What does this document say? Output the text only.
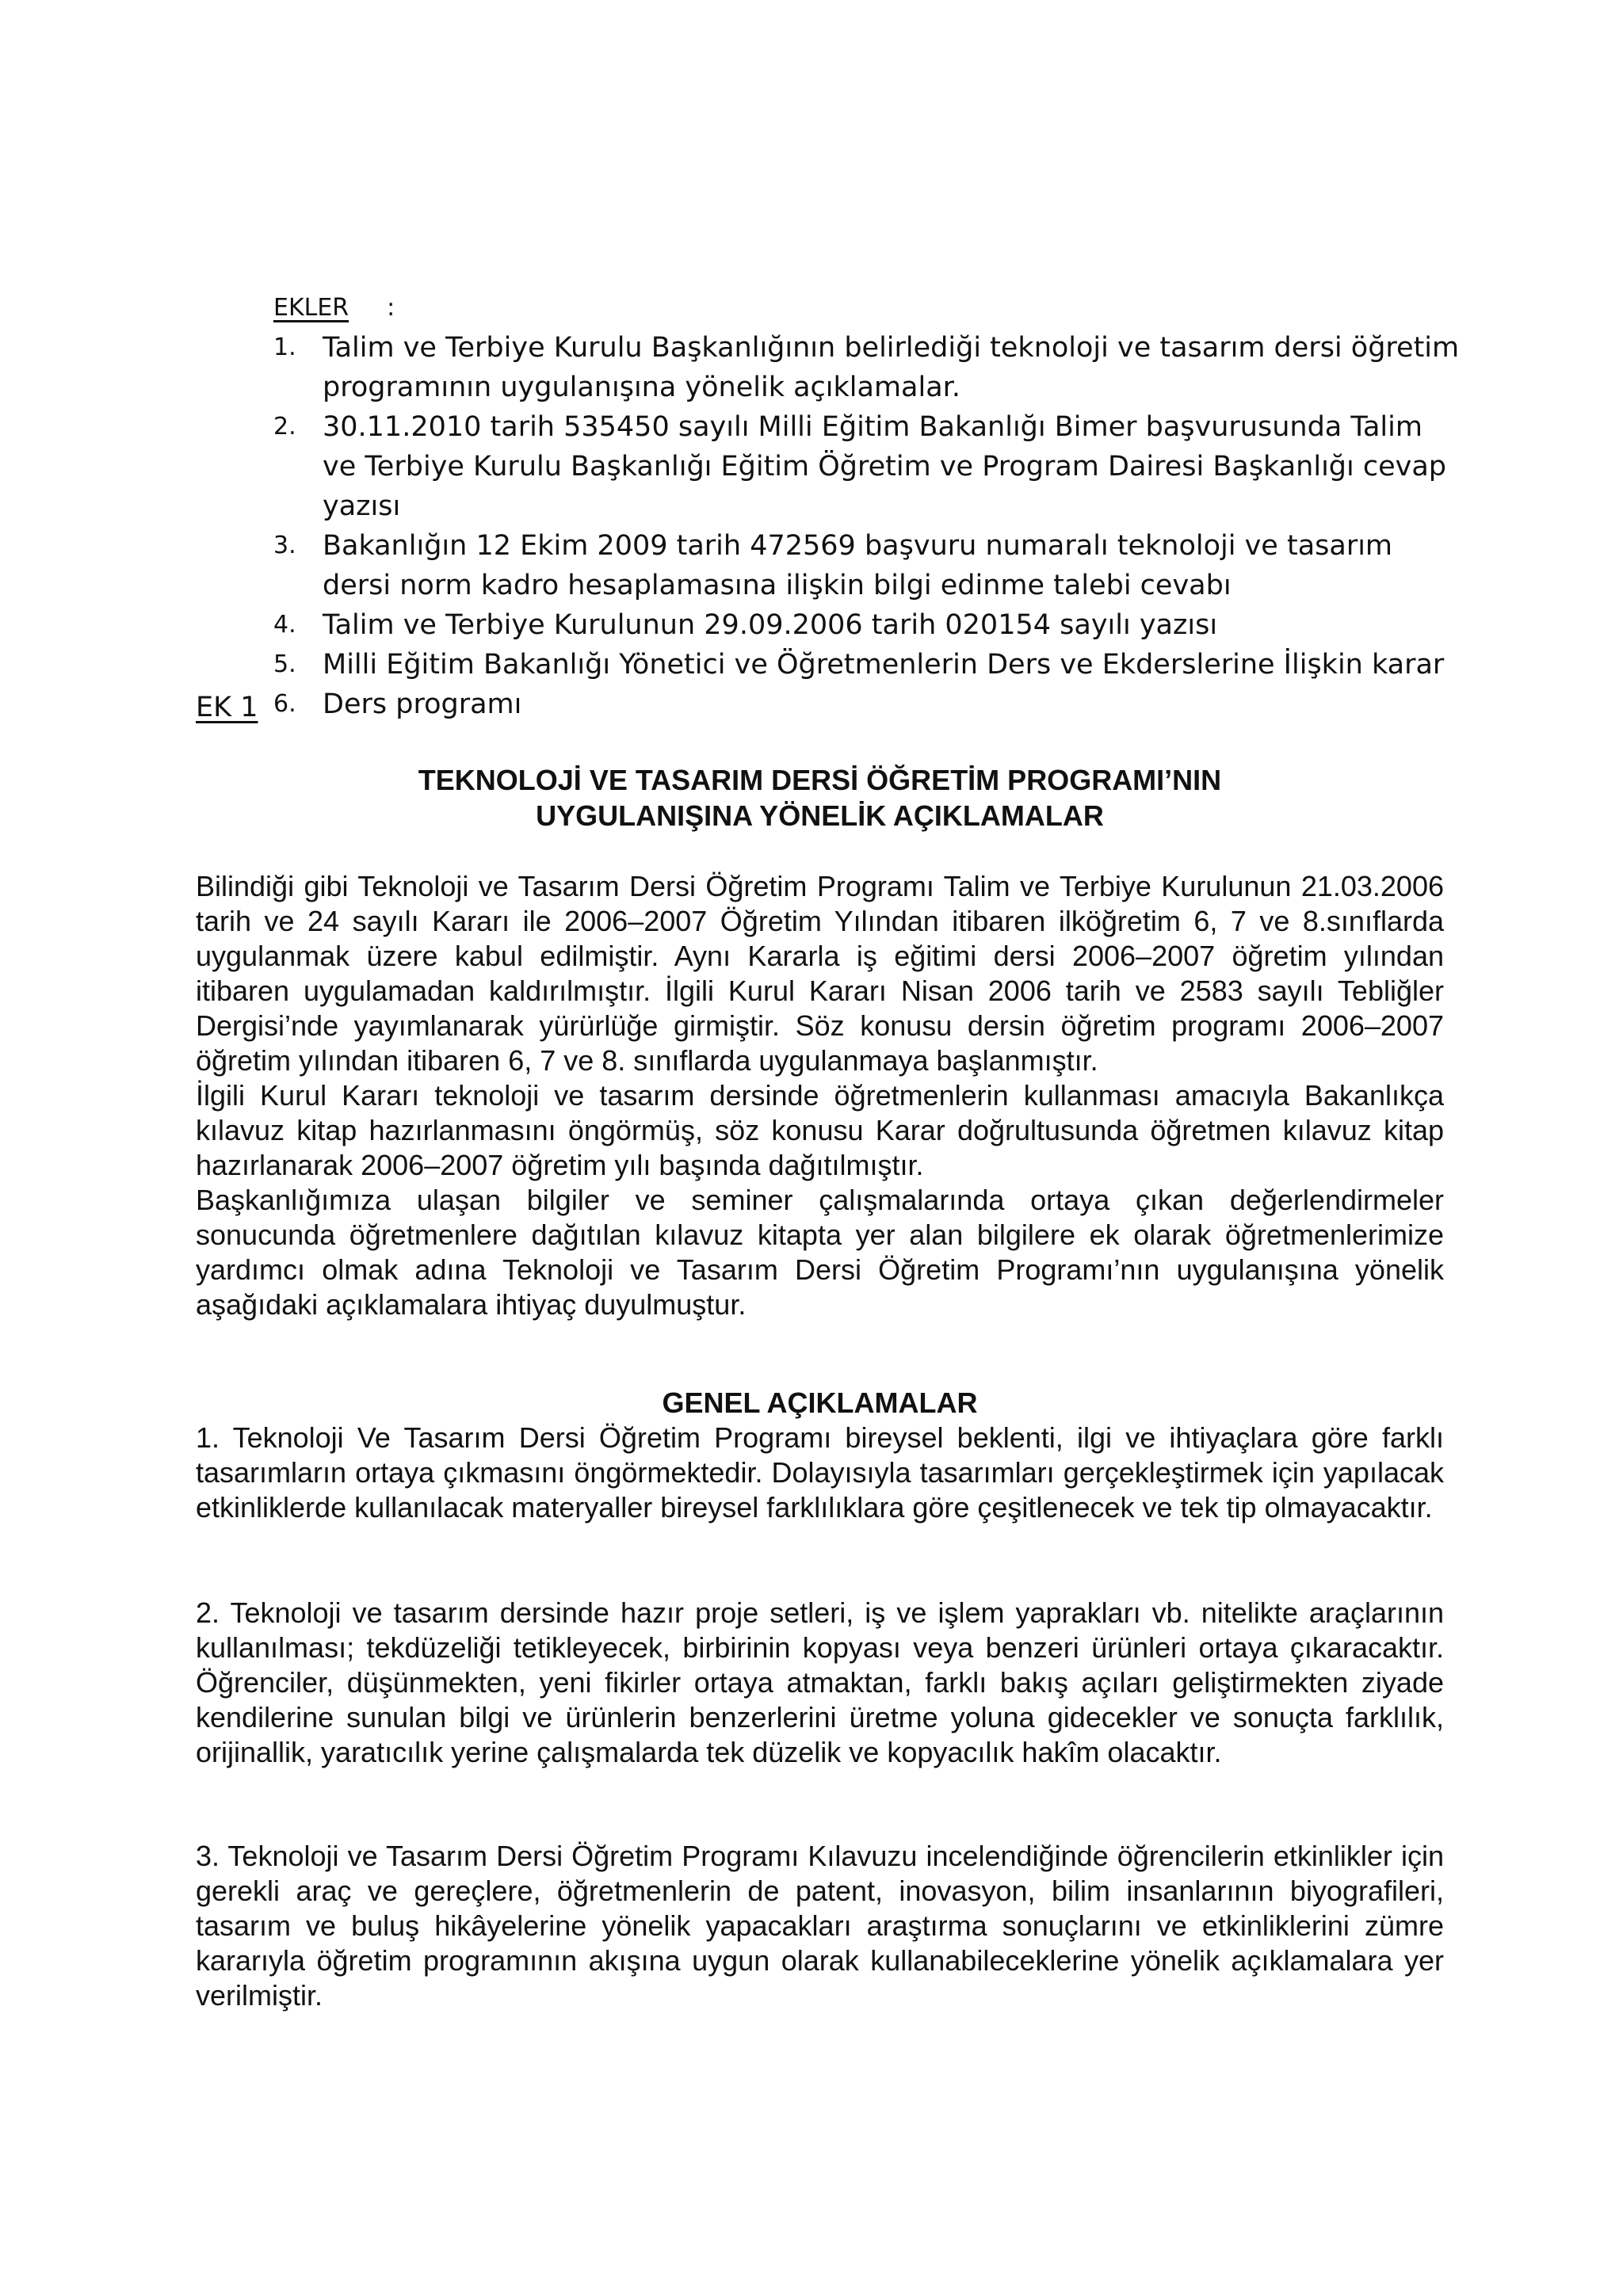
EKLER :
1. Talim ve Terbiye Kurulu Başkanlığının belirlediği teknoloji ve tasarım dersi öğretim programının uygulanışına yönelik açıklamalar.
2. 30.11.2010 tarih 535450 sayılı Milli Eğitim Bakanlığı Bimer başvurusunda Talim ve Terbiye Kurulu Başkanlığı Eğitim Öğretim ve Program Dairesi Başkanlığı cevap yazısı
3. Bakanlığın 12 Ekim 2009 tarih 472569 başvuru numaralı teknoloji ve tasarım dersi norm kadro hesaplamasına ilişkin bilgi edinme talebi cevabı
4. Talim ve Terbiye Kurulunun 29.09.2006 tarih 020154 sayılı yazısı
5. Milli Eğitim Bakanlığı Yönetici ve Öğretmenlerin Ders ve Ekderslerine İlişkin karar
6. Ders programı
EK 1
TEKNOLOJİ VE TASARIM DERSİ ÖĞRETİM PROGRAMI’NIN
UYGULANIŞINA YÖNELİK AÇIKLAMALAR

Bilindiği gibi Teknoloji ve Tasarım Dersi Öğretim Programı Talim ve Terbiye Kurulunun 21.03.2006 tarih ve 24 sayılı Kararı ile 2006–2007 Öğretim Yılından itibaren ilköğretim 6, 7 ve 8.sınıflarda uygulanmak üzere kabul edilmiştir. Aynı Kararla iş eğitimi dersi 2006–2007 öğretim yılından itibaren uygulamadan kaldırılmıştır. İlgili Kurul Kararı Nisan 2006 tarih ve 2583 sayılı Tebliğler Dergisi’nde yayımlanarak yürürlüğe girmiştir. Söz konusu dersin öğretim programı 2006–2007 öğretim yılından itibaren 6, 7 ve 8. sınıflarda uygulanmaya başlanmıştır.

İlgili Kurul Kararı teknoloji ve tasarım dersinde öğretmenlerin kullanması amacıyla Bakanlıkça kılavuz kitap hazırlanmasını öngörmüş, söz konusu Karar doğrultusunda öğretmen kılavuz kitap hazırlanarak 2006–2007 öğretim yılı başında dağıtılmıştır.

Başkanlığımıza ulaşan bilgiler ve seminer çalışmalarında ortaya çıkan değerlendirmeler sonucunda öğretmenlere dağıtılan kılavuz kitapta yer alan bilgilere ek olarak öğretmenlerimize yardımcı olmak adına Teknoloji ve Tasarım Dersi Öğretim Programı’nın uygulanışına yönelik aşağıdaki açıklamalara ihtiyaç duyulmuştur.

GENEL AÇIKLAMALAR

1. Teknoloji Ve Tasarım Dersi Öğretim Programı bireysel beklenti, ilgi ve ihtiyaçlara göre farklı tasarımların ortaya çıkmasını öngörmektedir. Dolayısıyla tasarımları gerçekleştirmek için yapılacak etkinliklerde kullanılacak materyaller bireysel farklılıklara göre çeşitlenecek ve tek tip olmayacaktır.

2. Teknoloji ve tasarım dersinde hazır proje setleri, iş ve işlem yaprakları vb. nitelikte araçlarının kullanılması; tekdüzeliği tetikleyecek, birbirinin kopyası veya benzeri ürünleri ortaya çıkaracaktır. Öğrenciler, düşünmekten, yeni fikirler ortaya atmaktan, farklı bakış açıları geliştirmekten ziyade kendilerine sunulan bilgi ve ürünlerin benzerlerini üretme yoluna gidecekler ve sonuçta farklılık, orijinallik, yaratıcılık yerine çalışmalarda tek düzelik ve kopyacılık hakîm olacaktır.

3. Teknoloji ve Tasarım Dersi Öğretim Programı Kılavuzu incelendiğinde öğrencilerin etkinlikler için gerekli araç ve gereçlere, öğretmenlerin de patent, inovasyon, bilim insanlarının biyografileri, tasarım ve buluş hikâyelerine yönelik yapacakları araştırma sonuçlarını ve etkinliklerini zümre kararıyla öğretim programının akışına uygun olarak kullanabileceklerine yönelik açıklamalara yer verilmiştir.
